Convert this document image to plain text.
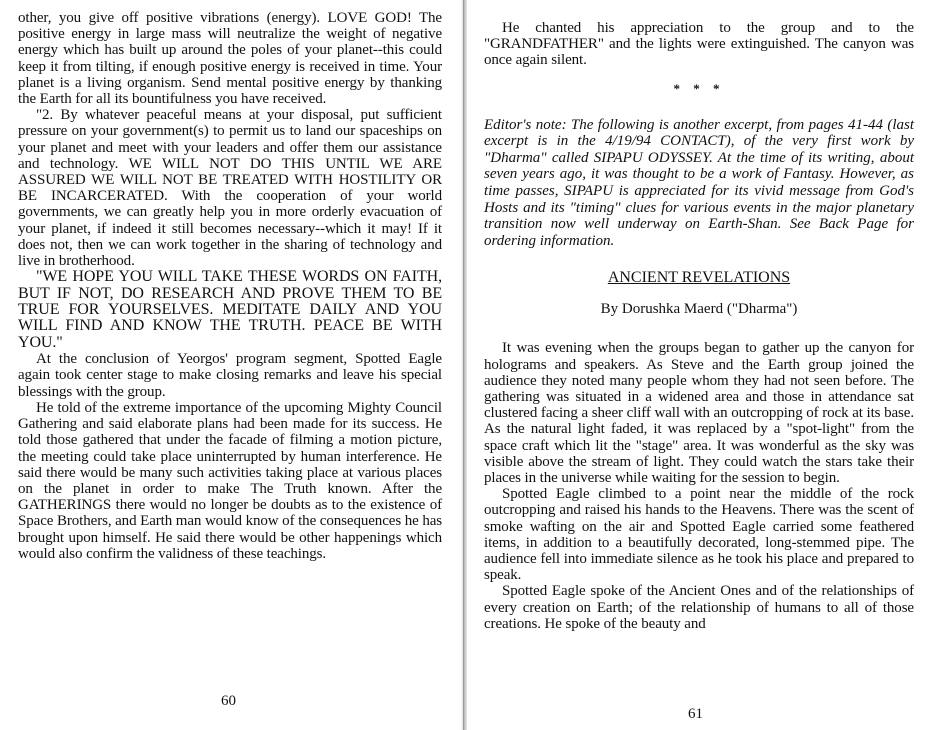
other, you give off positive vibrations (energy). LOVE GOD! The positive energy in large mass will neutralize the weight of negative energy which has built up around the poles of your planet--this could keep it from tilting, if enough positive energy is received in time. Your planet is a living organism. Send mental positive energy by thanking the Earth for all its bountifulness you have received.

"2. By whatever peaceful means at your disposal, put sufficient pressure on your government(s) to permit us to land our spaceships on your planet and meet with your leaders and offer them our assistance and technology. WE WILL NOT DO THIS UNTIL WE ARE ASSURED WE WILL NOT BE TREATED WITH HOSTILITY OR BE INCARCERATED. With the cooperation of your world governments, we can greatly help you in more orderly evacuation of your planet, if indeed it still becomes necessary--which it may! If it does not, then we can work together in the sharing of technology and live in brotherhood.

"WE HOPE YOU WILL TAKE THESE WORDS ON FAITH, BUT IF NOT, DO RESEARCH AND PROVE THEM TO BE TRUE FOR YOURSELVES. MEDITATE DAILY AND YOU WILL FIND AND KNOW THE TRUTH. PEACE BE WITH YOU."

At the conclusion of Yeorgos' program segment, Spotted Eagle again took center stage to make closing remarks and leave his special blessings with the group.

He told of the extreme importance of the upcoming Mighty Council Gathering and said elaborate plans had been made for its success. He told those gathered that under the facade of filming a motion picture, the meeting could take place uninterrupted by human interference. He said there would be many such activities taking place at various places on the planet in order to make The Truth known. After the GATHERINGS there would no longer be doubts as to the existence of Space Brothers, and Earth man would know of the consequences he has brought upon himself. He said there would be other happenings which would also confirm the validness of these teachings.

60

He chanted his appreciation to the group and to the "GRANDFATHER" and the lights were extinguished. The canyon was once again silent.

* * *

Editor's note: The following is another excerpt, from pages 41-44 (last excerpt is in the 4/19/94 CONTACT), of the very first work by "Dharma" called SIPAPU ODYSSEY. At the time of its writing, about seven years ago, it was thought to be a work of Fantasy. However, as time passes, SIPAPU is appreciated for its vivid message from God's Hosts and its "timing" clues for various events in the major planetary transition now well underway on Earth-Shan. See Back Page for ordering information.

ANCIENT REVELATIONS
By Dorushka Maerd ("Dharma")

It was evening when the groups began to gather up the canyon for holograms and speakers. As Steve and the Earth group joined the audience they noted many people whom they had not seen before. The gathering was situated in a widened area and those in attendance sat clustered facing a sheer cliff wall with an outcropping of rock at its base. As the natural light faded, it was replaced by a "spot-light" from the space craft which lit the "stage" area. It was wonderful as the sky was visible above the stream of light. They could watch the stars take their places in the universe while waiting for the session to begin.

Spotted Eagle climbed to a point near the middle of the rock outcropping and raised his hands to the Heavens. There was the scent of smoke wafting on the air and Spotted Eagle carried some feathered items, in addition to a beautifully decorated, long-stemmed pipe. The audience fell into immediate silence as he took his place and prepared to speak.

Spotted Eagle spoke of the Ancient Ones and of the relationships of every creation on Earth; of the relationship of humans to all of those creations. He spoke of the beauty and

61
